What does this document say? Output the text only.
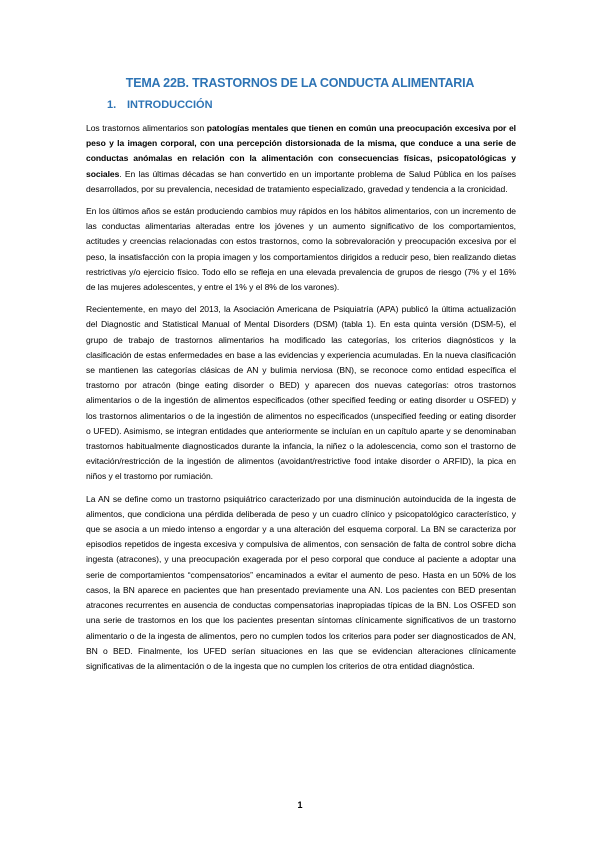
TEMA 22B. TRASTORNOS DE LA CONDUCTA ALIMENTARIA
1. INTRODUCCIÓN

Los trastornos alimentarios son patologías mentales que tienen en común una preocupación excesiva por el peso y la imagen corporal, con una percepción distorsionada de la misma, que conduce a una serie de conductas anómalas en relación con la alimentación con consecuencias físicas, psicopatológicas y sociales. En las últimas décadas se han convertido en un importante problema de Salud Pública en los países desarrollados, por su prevalencia, necesidad de tratamiento especializado, gravedad y tendencia a la cronicidad.

En los últimos años se están produciendo cambios muy rápidos en los hábitos alimentarios, con un incremento de las conductas alimentarias alteradas entre los jóvenes y un aumento significativo de los comportamientos, actitudes y creencias relacionadas con estos trastornos, como la sobrevaloración y preocupación excesiva por el peso, la insatisfacción con la propia imagen y los comportamientos dirigidos a reducir peso, bien realizando dietas restrictivas y/o ejercicio físico. Todo ello se refleja en una elevada prevalencia de grupos de riesgo (7% y el 16% de las mujeres adolescentes, y entre el 1% y el 8% de los varones).

Recientemente, en mayo del 2013, la Asociación Americana de Psiquiatría (APA) publicó la última actualización del Diagnostic and Statistical Manual of Mental Disorders (DSM) (tabla 1). En esta quinta versión (DSM-5), el grupo de trabajo de trastornos alimentarios ha modificado las categorías, los criterios diagnósticos y la clasificación de estas enfermedades en base a las evidencias y experiencia acumuladas. En la nueva clasificación se mantienen las categorías clásicas de AN y bulimia nerviosa (BN), se reconoce como entidad específica el trastorno por atracón (binge eating disorder o BED) y aparecen dos nuevas categorías: otros trastornos alimentarios o de la ingestión de alimentos especificados (other specified feeding or eating disorder u OSFED) y los trastornos alimentarios o de la ingestión de alimentos no especificados (unspecified feeding or eating disorder o UFED). Asimismo, se integran entidades que anteriormente se incluían en un capítulo aparte y se denominaban trastornos habitualmente diagnosticados durante la infancia, la niñez o la adolescencia, como son el trastorno de evitación/restricción de la ingestión de alimentos (avoidant/restrictive food intake disorder o ARFID), la pica en niños y el trastorno por rumiación.

La AN se define como un trastorno psiquiátrico caracterizado por una disminución autoinducida de la ingesta de alimentos, que condiciona una pérdida deliberada de peso y un cuadro clínico y psicopatológico característico, y que se asocia a un miedo intenso a engordar y a una alteración del esquema corporal. La BN se caracteriza por episodios repetidos de ingesta excesiva y compulsiva de alimentos, con sensación de falta de control sobre dicha ingesta (atracones), y una preocupación exagerada por el peso corporal que conduce al paciente a adoptar una serie de comportamientos “compensatorios” encaminados a evitar el aumento de peso. Hasta en un 50% de los casos, la BN aparece en pacientes que han presentado previamente una AN. Los pacientes con BED presentan atracones recurrentes en ausencia de conductas compensatorias inapropiadas típicas de la BN. Los OSFED son una serie de trastornos en los que los pacientes presentan síntomas clínicamente significativos de un trastorno alimentario o de la ingesta de alimentos, pero no cumplen todos los criterios para poder ser diagnosticados de AN, BN o BED. Finalmente, los UFED serían situaciones en las que se evidencian alteraciones clínicamente significativas de la alimentación o de la ingesta que no cumplen los criterios de otra entidad diagnóstica.

1
